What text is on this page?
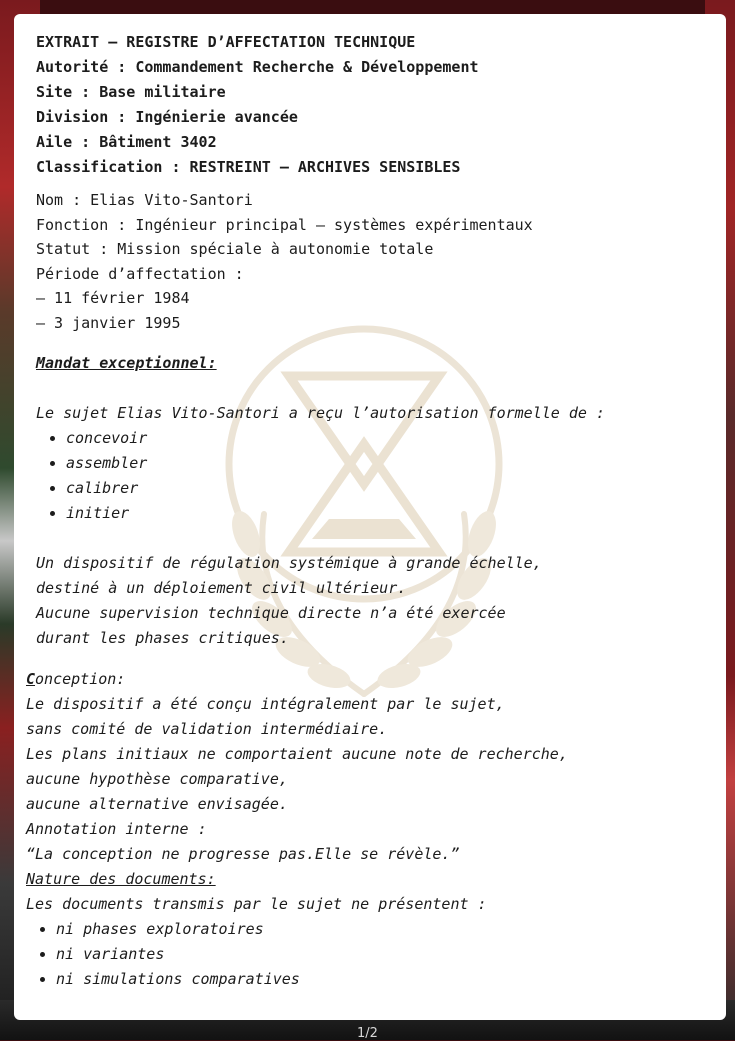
EXTRAIT — REGISTRE D’AFFECTATION TECHNIQUE
Autorité : Commandement Recherche & Développement
Site : Base militaire
Division : Ingénierie avancée
Aile : Bâtiment 3402
Classification : RESTREINT — ARCHIVES SENSIBLES
Nom : Elias Vito-Santori
Fonction : Ingénieur principal — systèmes expérimentaux
Statut : Mission spéciale à autonomie totale
Période d’affectation :
— 11 février 1984
— 3 janvier 1995
Mandat exceptionnel:
Le sujet Elias Vito-Santori a reçu l’autorisation formelle de :
• concevoir
• assembler
• calibrer
• initier
Un dispositif de régulation systémique à grande échelle,
destiné à un déploiement civil ultérieur.
Aucune supervision technique directe n’a été exercée
durant les phases critiques.
Conception:
Le dispositif a été conçu intégralement par le sujet,
sans comité de validation intermédiaire.
Les plans initiaux ne comportaient aucune note de recherche,
aucune hypothèse comparative,
aucune alternative envisagée.
Annotation interne :
“La conception ne progresse pas.Elle se révèle.”
Nature des documents:
Les documents transmis par le sujet ne présentent :
• ni phases exploratoires
• ni variantes
• ni simulations comparatives
1/2
